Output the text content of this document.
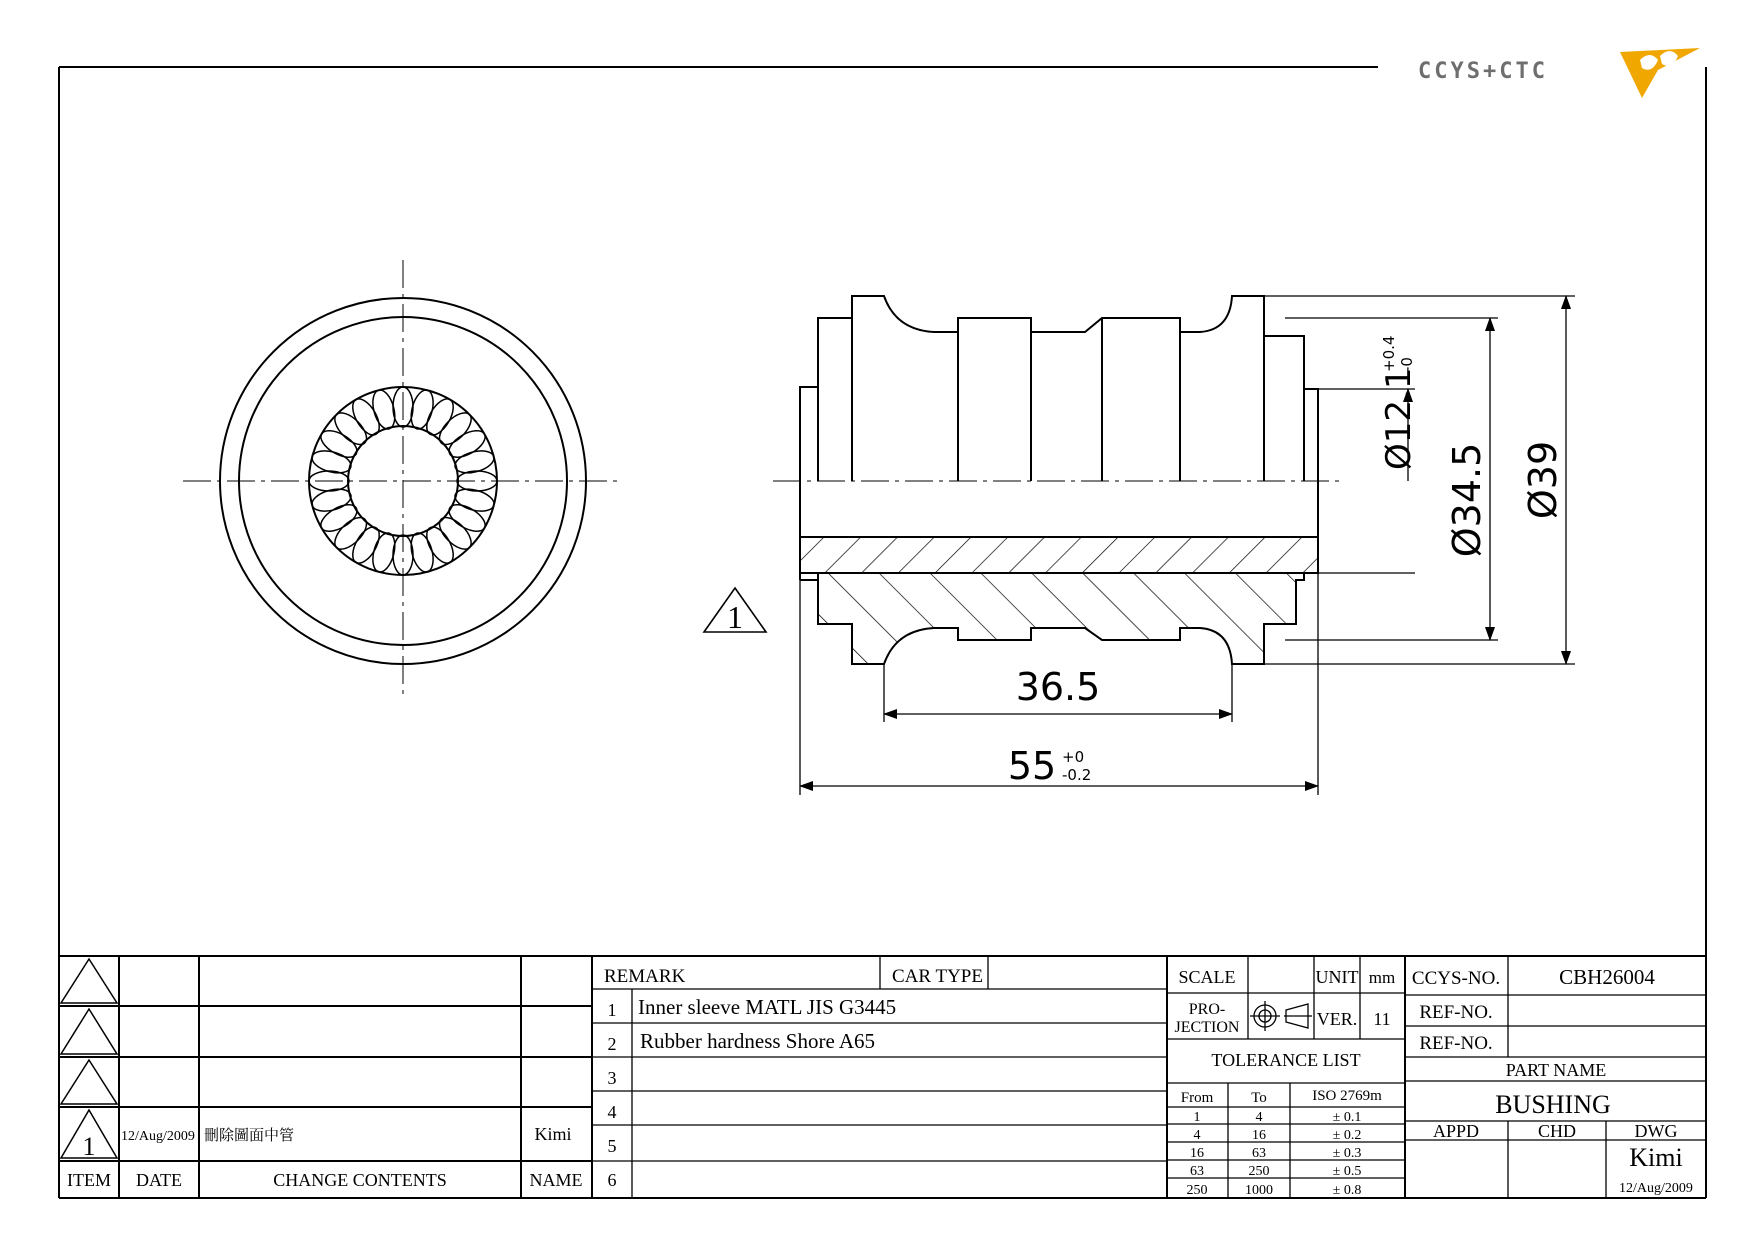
CCYS+CTC
1
Ø12.1
+0.4 -0
Ø34.5 Ø39
36.5
55 +0
-0.2
1 12/Aug/2009 刪除圖面中管	Kimi
ITEM DATE	CHANGE CONTENTS	NAME
REMARK	CAR TYPE
1 Inner sleeve MATL JIS G3445
2 Rubber hardness Shore A65
3
4
5
6
SCALE	UNIT mm
PRO-
JECTION	VER. 11
TOLERANCE LIST
From	To	ISO 2769m
1	4	± 0.1
4	16	± 0.2
16	63	± 0.3
63	250	± 0.5
250	1000	± 0.8
CCYS-NO.	CBH26004
REF-NO.
REF-NO.
PART NAME
BUSHING
APPD	CHD	DWG
Kimi
12/Aug/2009
